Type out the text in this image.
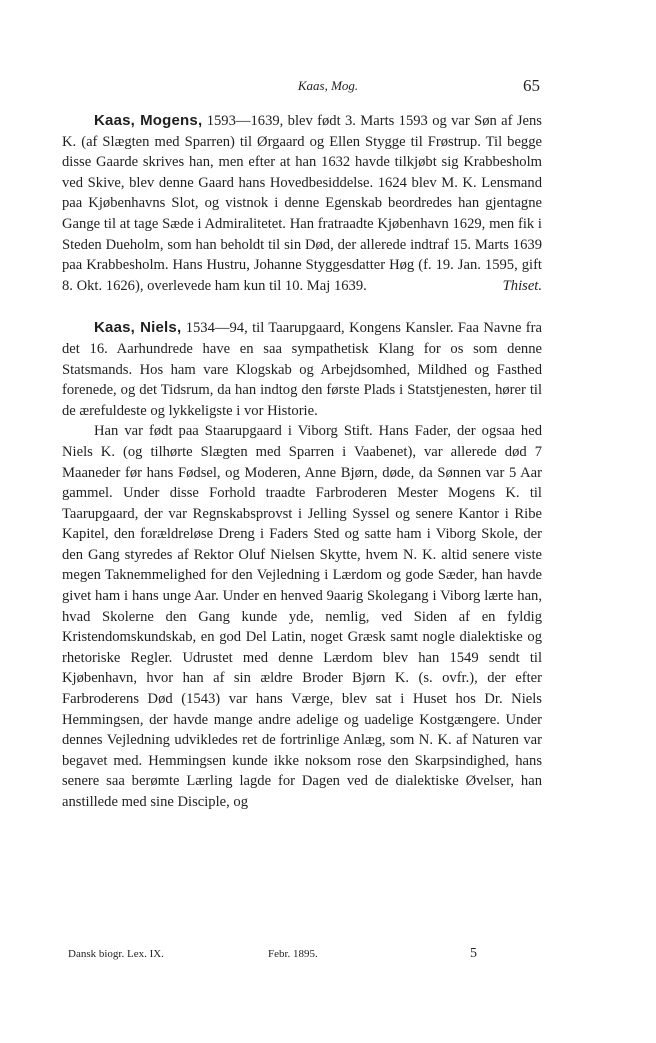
Kaas, Mog.	65

Kaas, Mogens, 1593—1639, blev født 3. Marts 1593 og var Søn af Jens K. (af Slægten med Sparren) til Ørgaard og Ellen Stygge til Frøstrup. Til begge disse Gaarde skrives han, men efter at han 1632 havde tilkjøbt sig Krabbesholm ved Skive, blev denne Gaard hans Hovedbesiddelse. 1624 blev M. K. Lensmand paa Kjøbenhavns Slot, og vistnok i denne Egenskab beordredes han gjentagne Gange til at tage Sæde i Admiralitetet. Han fratraadte Kjøbenhavn 1629, men fik i Steden Dueholm, som han beholdt til sin Død, der allerede indtraf 15. Marts 1639 paa Krabbesholm. Hans Hustru, Johanne Styggesdatter Høg (f. 19. Jan. 1595, gift 8. Okt. 1626), overlevede ham kun til 10. Maj 1639.	Thiset.

Kaas, Niels, 1534—94, til Taarupgaard, Kongens Kansler. Faa Navne fra det 16. Aarhundrede have en saa sympathetisk Klang for os som denne Statsmands. Hos ham vare Klogskab og Arbejdsomhed, Mildhed og Fasthed forenede, og det Tidsrum, da han indtog den første Plads i Statstjenesten, hører til de ærefuldeste og lykkeligste i vor Historie.

Han var født paa Staarupgaard i Viborg Stift. Hans Fader, der ogsaa hed Niels K. (og tilhørte Slægten med Sparren i Vaabenet), var allerede død 7 Maaneder før hans Fødsel, og Moderen, Anne Bjørn, døde, da Sønnen var 5 Aar gammel. Under disse Forhold traadte Farbroderen Mester Mogens K. til Taarupgaard, der var Regnskabsprovst i Jelling Syssel og senere Kantor i Ribe Kapitel, den forældreløse Dreng i Faders Sted og satte ham i Viborg Skole, der den Gang styredes af Rektor Oluf Nielsen Skytte, hvem N. K. altid senere viste megen Taknemmelighed for den Vejledning i Lærdom og gode Sæder, han havde givet ham i hans unge Aar. Under en henved 9aarig Skolegang i Viborg lærte han, hvad Skolerne den Gang kunde yde, nemlig, ved Siden af en fyldig Kristendomskundskab, en god Del Latin, noget Græsk samt nogle dialektiske og rhetoriske Regler. Udrustet med denne Lærdom blev han 1549 sendt til Kjøbenhavn, hvor han af sin ældre Broder Bjørn K. (s. ovfr.), der efter Farbroderens Død (1543) var hans Værge, blev sat i Huset hos Dr. Niels Hemmingsen, der havde mange andre adelige og uadelige Kostgængere. Under dennes Vejledning udvikledes ret de fortrinlige Anlæg, som N. K. af Naturen var begavet med. Hemmingsen kunde ikke noksom rose den Skarpsindighed, hans senere saa berømte Lærling lagde for Dagen ved de dialektiske Øvelser, han anstillede med sine Disciple, og

Dansk biogr. Lex. IX.	Febr. 1895.	5
